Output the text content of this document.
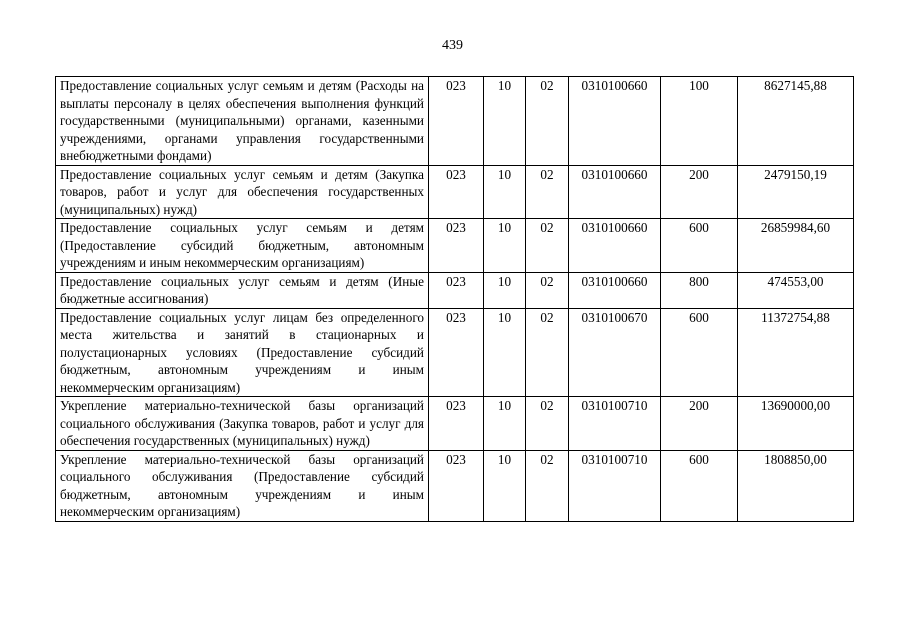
439
Предоставление социальных услуг семьям и детям (Расходы на выплаты персоналу в целях обеспечения выполнения функций государственными (муниципальными) органами, казенными учреждениями, органами управления государственными внебюджетными фондами)	023	10	02	0310100660	100	8627145,88
Предоставление социальных услуг семьям и детям (Закупка товаров, работ и услуг для обеспечения государственных (муниципальных) нужд)	023	10	02	0310100660	200	2479150,19
Предоставление социальных услуг семьям и детям (Предоставление субсидий бюджетным, автономным учреждениям и иным некоммерческим организациям)	023	10	02	0310100660	600	26859984,60
Предоставление социальных услуг семьям и детям (Иные бюджетные ассигнования)	023	10	02	0310100660	800	474553,00
Предоставление социальных услуг лицам без определенного места жительства и занятий в стационарных и полустационарных условиях (Предоставление субсидий бюджетным, автономным учреждениям и иным некоммерческим организациям)	023	10	02	0310100670	600	11372754,88
Укрепление материально-технической базы организаций социального обслуживания (Закупка товаров, работ и услуг для обеспечения государственных (муниципальных) нужд)	023	10	02	0310100710	200	13690000,00
Укрепление материально-технической базы организаций социального обслуживания (Предоставление субсидий бюджетным, автономным учреждениям и иным некоммерческим организациям)	023	10	02	0310100710	600	1808850,00
